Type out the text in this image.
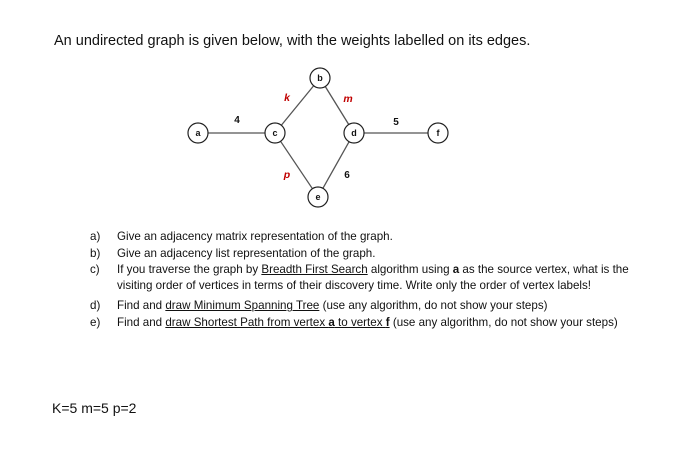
An undirected graph is given below, with the weights labelled on its edges.
4
k	m
5
p	6
a
b
c	d
e
f
a) Give an adjacency matrix representation of the graph.
b) Give an adjacency list representation of the graph.
c) If you traverse the graph by Breadth First Search algorithm using a as the source vertex, what is the visiting order of vertices in terms of their discovery time. Write only the order of vertex labels!
d) Find and draw Minimum Spanning Tree (use any algorithm, do not show your steps)
e) Find and draw Shortest Path from vertex a to vertex f (use any algorithm, do not show your steps)
K=5 m=5 p=2
